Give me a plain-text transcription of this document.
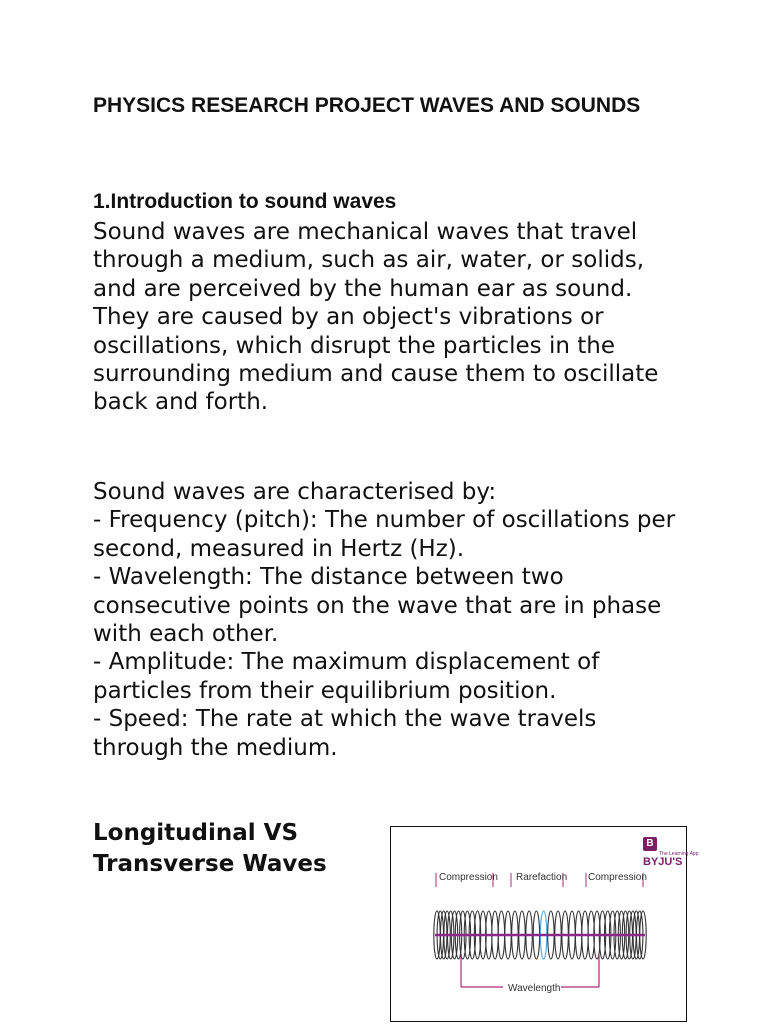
PHYSICS RESEARCH PROJECT WAVES AND SOUNDS
1.Introduction to sound waves

Sound waves are mechanical waves that travel through a medium, such as air, water, or solids, and are perceived by the human ear as sound. They are caused by an object's vibrations or oscillations, which disrupt the particles in the surrounding medium and cause them to oscillate back and forth.

Sound waves are characterised by:
- Frequency (pitch): The number of oscillations per second, measured in Hertz (Hz).
- Wavelength: The distance between two consecutive points on the wave that are in phase with each other.
- Amplitude: The maximum displacement of particles from their equilibrium position.
- Speed: The rate at which the wave travels through the medium.
Longitudinal VS Transverse Waves
B BYJU'S
The Learning App
Compression Rarefaction Compression
Wavelength
